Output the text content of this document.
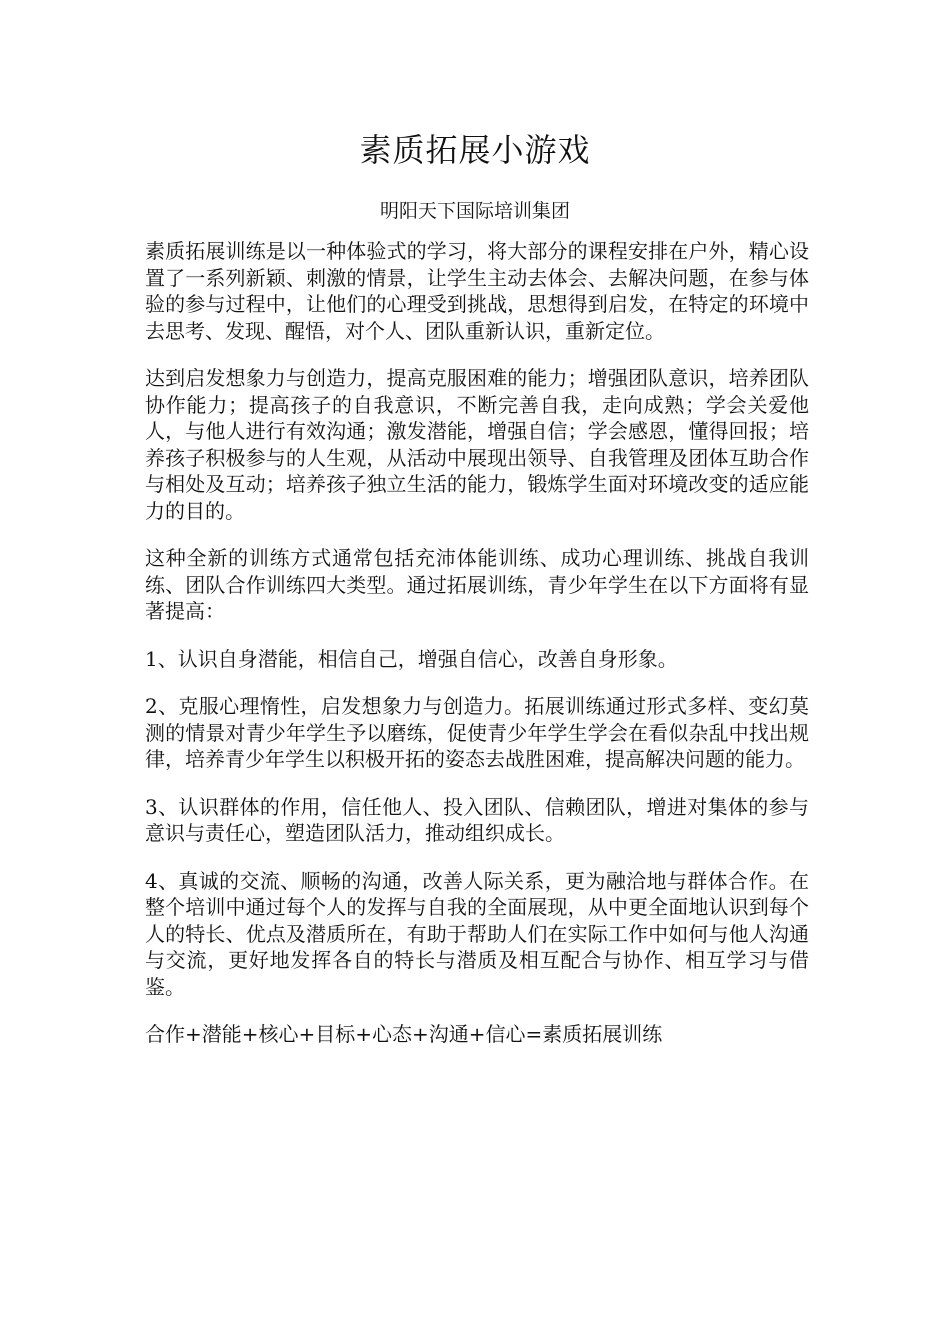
素质拓展小游戏

明阳天下国际培训集团

素质拓展训练是以一种体验式的学习，将大部分的课程安排在户外，精心设置了一系列新颖、刺激的情景，让学生主动去体会、去解决问题，在参与体验的参与过程中，让他们的心理受到挑战，思想得到启发，在特定的环境中去思考、发现、醒悟，对个人、团队重新认识，重新定位。

达到启发想象力与创造力，提高克服困难的能力；增强团队意识，培养团队协作能力；提高孩子的自我意识，不断完善自我，走向成熟；学会关爱他人，与他人进行有效沟通；激发潜能，增强自信；学会感恩，懂得回报；培养孩子积极参与的人生观，从活动中展现出领导、自我管理及团体互助合作与相处及互动；培养孩子独立生活的能力，锻炼学生面对环境改变的适应能力的目的。

这种全新的训练方式通常包括充沛体能训练、成功心理训练、挑战自我训练、团队合作训练四大类型。通过拓展训练，青少年学生在以下方面将有显著提高：

1、认识自身潜能，相信自己，增强自信心，改善自身形象。

2、克服心理惰性，启发想象力与创造力。拓展训练通过形式多样、变幻莫测的情景对青少年学生予以磨练，促使青少年学生学会在看似杂乱中找出规律，培养青少年学生以积极开拓的姿态去战胜困难，提高解决问题的能力。

3、认识群体的作用，信任他人、投入团队、信赖团队，增进对集体的参与意识与责任心，塑造团队活力，推动组织成长。

4、真诚的交流、顺畅的沟通，改善人际关系，更为融洽地与群体合作。在整个培训中通过每个人的发挥与自我的全面展现，从中更全面地认识到每个人的特长、优点及潜质所在，有助于帮助人们在实际工作中如何与他人沟通与交流，更好地发挥各自的特长与潜质及相互配合与协作、相互学习与借鉴。

合作+潜能+核心+目标+心态+沟通+信心=素质拓展训练
